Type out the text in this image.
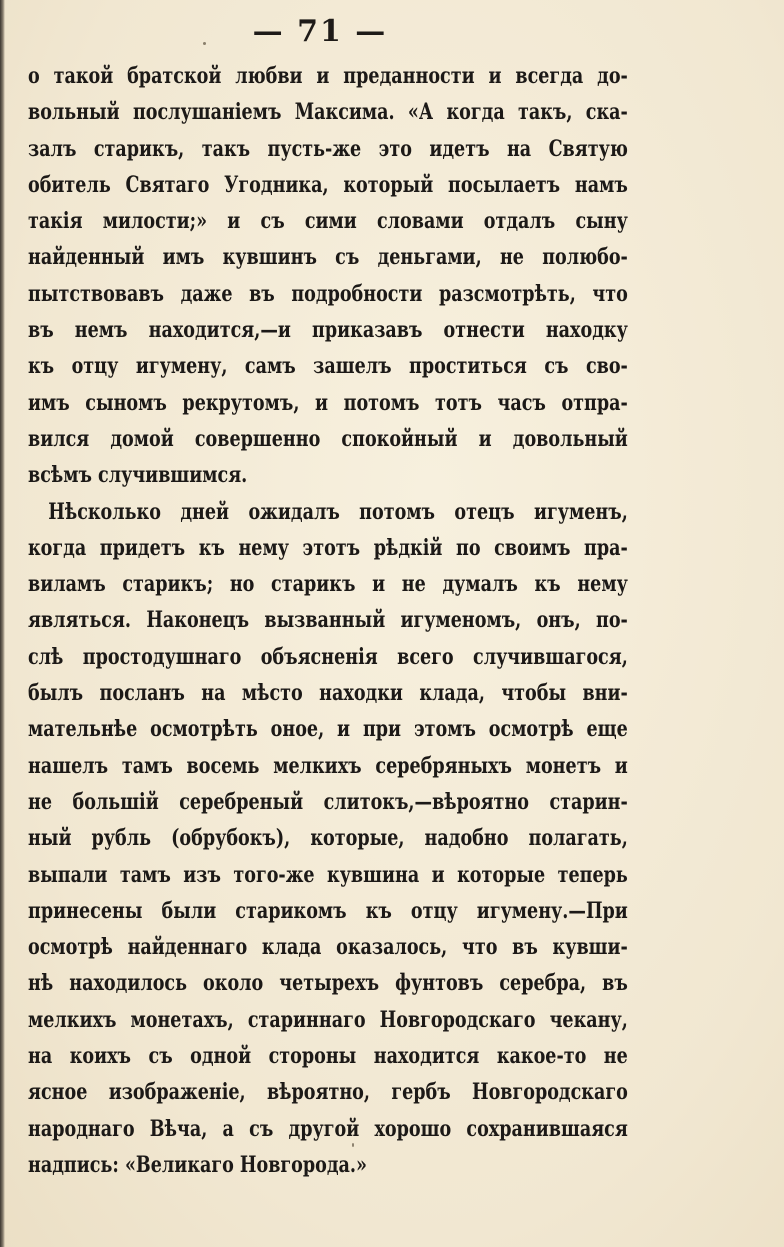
— 71 —
о такой братской любви и преданности и всегда до-
вольный послушаніемъ Максима. «А когда такъ, ска-
залъ старикъ, такъ пусть-же это идетъ на Святую
обитель Святаго Угодника, который посылаетъ намъ
такія милости;» и съ сими словами отдалъ сыну
найденный имъ кувшинъ съ деньгами, не полюбо-
пытствовавъ даже въ подробности разсмотрѣть, что
въ немъ находится,—и приказавъ отнести находку
къ отцу игумену, самъ зашелъ проститься съ сво-
имъ сыномъ рекрутомъ, и потомъ тотъ часъ отпра-
вился домой совершенно спокойный и довольный
всѣмъ случившимся.
Нѣсколько дней ожидалъ потомъ отецъ игуменъ,
когда придетъ къ нему этотъ рѣдкій по своимъ пра-
виламъ старикъ; но старикъ и не думалъ къ нему
являться. Наконецъ вызванный игуменомъ, онъ, по-
слѣ простодушнаго объясненія всего случившагося,
былъ посланъ на мѣсто находки клада, чтобы вни-
мательнѣе осмотрѣть оное, и при этомъ осмотрѣ еще
нашелъ тамъ восемь мелкихъ серебряныхъ монетъ и
не большій серебреный слитокъ,—вѣроятно старин-
ный рубль (обрубокъ), которые, надобно полагать,
выпали тамъ изъ того-же кувшина и которые теперь
принесены были старикомъ къ отцу игумену.—При
осмотрѣ найденнаго клада оказалось, что въ кувши-
нѣ находилось около четырехъ фунтовъ серебра, въ
мелкихъ монетахъ, стариннаго Новгородскаго чекану,
на коихъ съ одной стороны находится какое-то не
ясное изображеніе, вѣроятно, гербъ Новгородскаго
народнаго Вѣча, а съ другой хорошо сохранившаяся
надпись: «Великаго Новгорода.»
